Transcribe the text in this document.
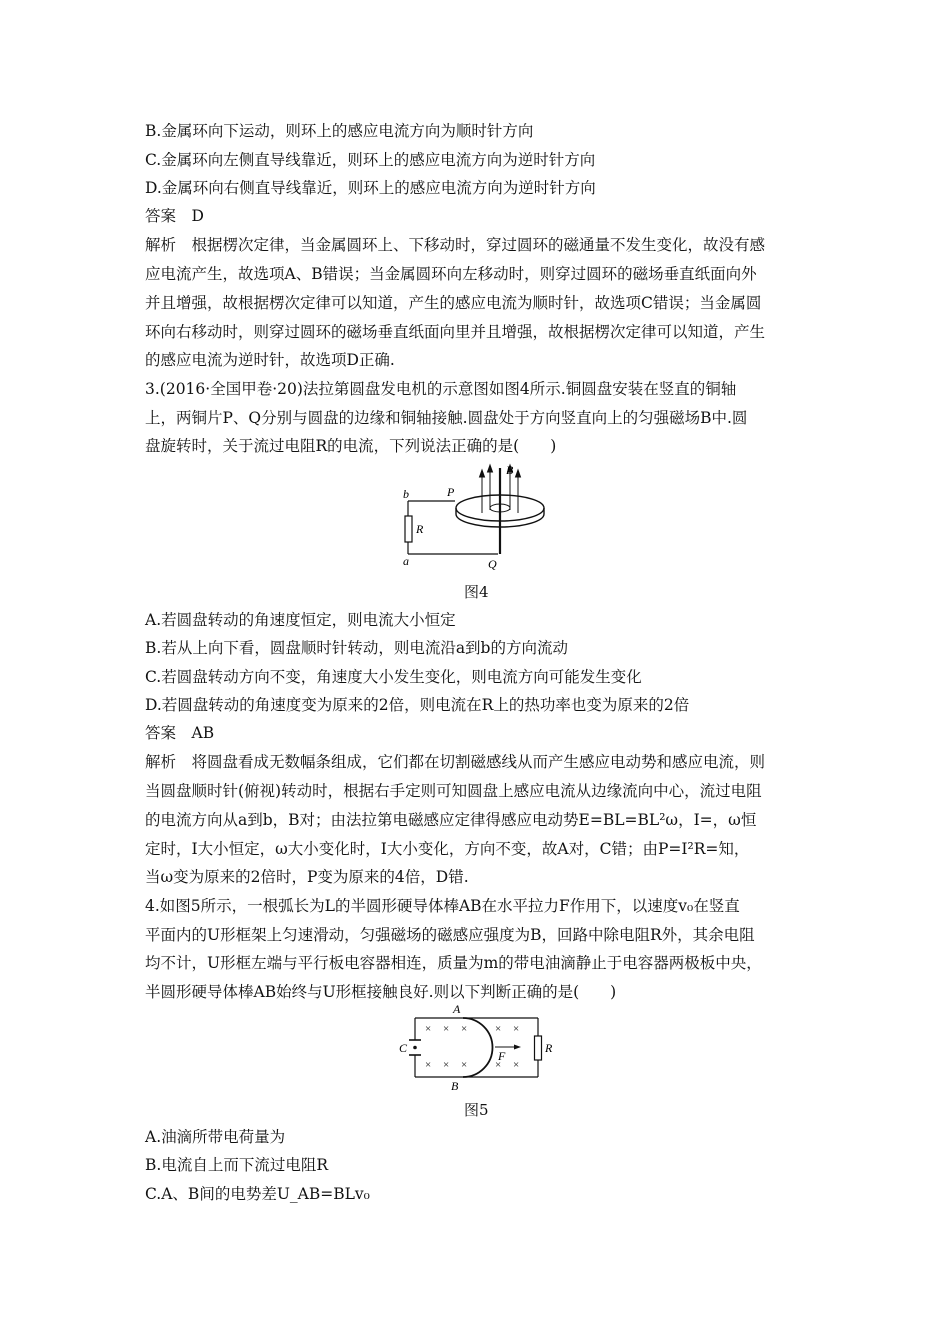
B.金属环向下运动，则环上的感应电流方向为顺时针方向
C.金属环向左侧直导线靠近，则环上的感应电流方向为逆时针方向
D.金属环向右侧直导线靠近，则环上的感应电流方向为逆时针方向
答案　D
解析　根据楞次定律，当金属圆环上、下移动时，穿过圆环的磁通量不发生变化，故没有感
应电流产生，故选项A、B错误；当金属圆环向左移动时，则穿过圆环的磁场垂直纸面向外
并且增强，故根据楞次定律可以知道，产生的感应电流为顺时针，故选项C错误；当金属圆
环向右移动时，则穿过圆环的磁场垂直纸面向里并且增强，故根据楞次定律可以知道，产生
的感应电流为逆时针，故选项D正确.
3.(2016·全国甲卷·20)法拉第圆盘发电机的示意图如图4所示.铜圆盘安装在竖直的铜轴
上，两铜片P、Q分别与圆盘的边缘和铜轴接触.圆盘处于方向竖直向上的匀强磁场B中.圆
盘旋转时，关于流过电阻R的电流，下列说法正确的是(　　)
B
b	P
R
a	Q
图4
A.若圆盘转动的角速度恒定，则电流大小恒定
B.若从上向下看，圆盘顺时针转动，则电流沿a到b的方向流动
C.若圆盘转动方向不变，角速度大小发生变化，则电流方向可能发生变化
D.若圆盘转动的角速度变为原来的2倍，则电流在R上的热功率也变为原来的2倍
答案　AB
解析　将圆盘看成无数幅条组成，它们都在切割磁感线从而产生感应电动势和感应电流，则
当圆盘顺时针(俯视)转动时，根据右手定则可知圆盘上感应电流从边缘流向中心，流过电阻
的电流方向从a到b，B对；由法拉第电磁感应定律得感应电动势E=BL=BL²ω，I=，ω恒
定时，I大小恒定，ω大小变化时，I大小变化，方向不变，故A对，C错；由P=I²R=知，
当ω变为原来的2倍时，P变为原来的4倍，D错.
4.如图5所示，一根弧长为L的半圆形硬导体棒AB在水平拉力F作用下，以速度v₀在竖直
平面内的U形框架上匀速滑动，匀强磁场的磁感应强度为B，回路中除电阻R外，其余电阻
均不计，U形框左端与平行板电容器相连，质量为m的带电油滴静止于电容器两极板中央，
半圆形硬导体棒AB始终与U形框接触良好.则以下判断正确的是(　　)
× × ×	× ×
× × ×	× ×
A
B
C
F
R
图5
A.油滴所带电荷量为
B.电流自上而下流过电阻R
C.A、B间的电势差U_AB=BLv₀
